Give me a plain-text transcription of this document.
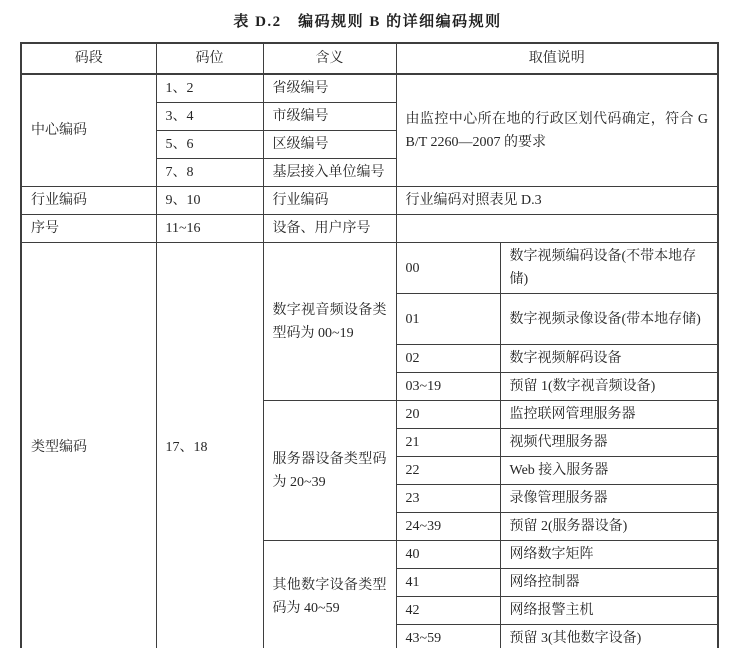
表 D.2　编码规则 B 的详细编码规则
码段	码位	含义	取值说明	
中心编码	1、2	省级编号	由监控中心所在地的行政区划代码确定，符合 GB/T 2260—2007 的要求	
	3、4	市级编号		
	5、6	区级编号		
	7、8	基层接入单位编号		
行业编码	9、10	行业编码	行业编码对照表见 D.3	
序号	11~16	设备、用户序号		
类型编码	17、18	数字视音频设备类型码为 00~19	00	数字视频编码设备(不带本地存储)
			01	数字视频录像设备(带本地存储)
			02	数字视频解码设备
			03~19	预留 1(数字视音频设备)
		服务器设备类型码为 20~39	20	监控联网管理服务器
			21	视频代理服务器
			22	Web 接入服务器
			23	录像管理服务器
			24~39	预留 2(服务器设备)
		其他数字设备类型码为 40~59	40	网络数字矩阵
			41	网络控制器
			42	网络报警主机
			43~59	预留 3(其他数字设备)
